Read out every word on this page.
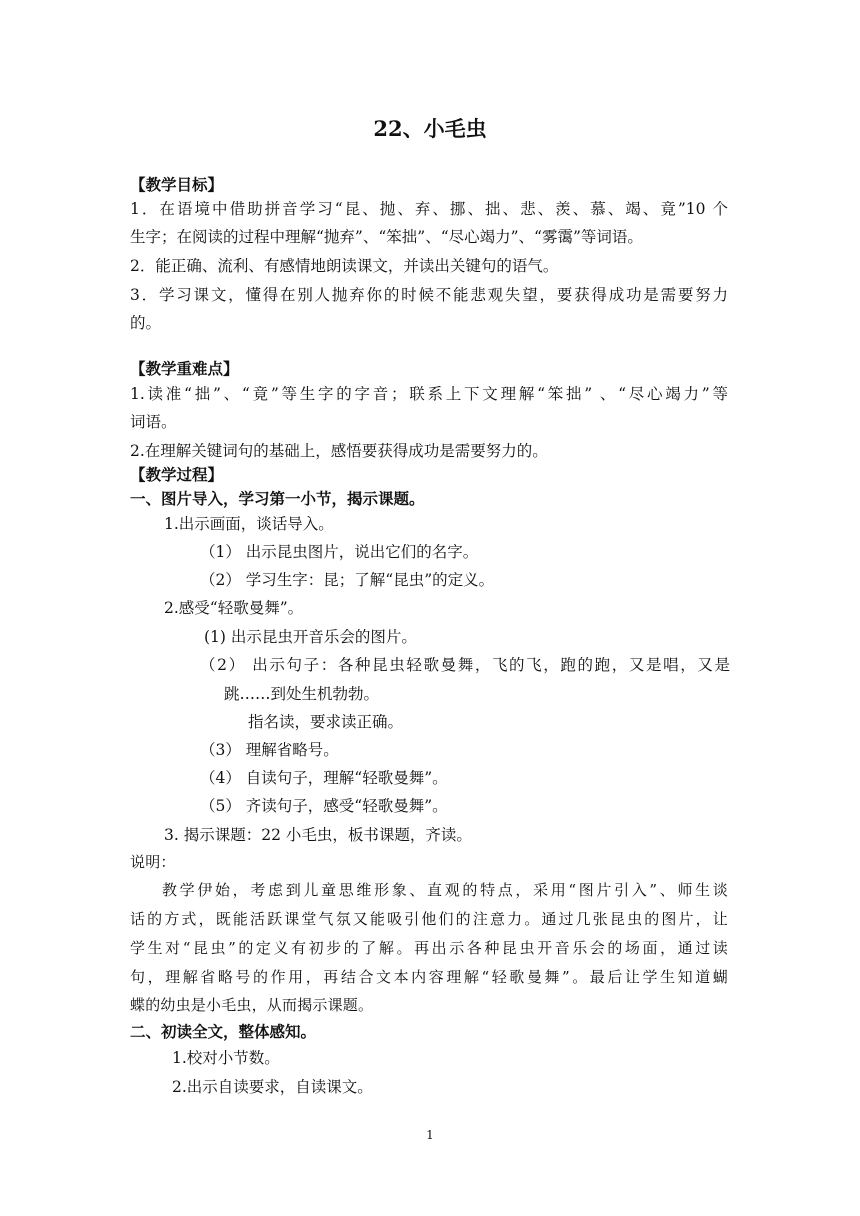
22、小毛虫
【教学目标】
1．在语境中借助拼音学习“昆、抛、弃、挪、拙、悲、羡、慕、竭、竟”10 个
生字；在阅读的过程中理解“抛弃”、“笨拙”、“尽心竭力”、“雾霭”等词语。
2．能正确、流利、有感情地朗读课文，并读出关键句的语气。
3．学习课文，懂得在别人抛弃你的时候不能悲观失望，要获得成功是需要努力
的。
【教学重难点】
1.读准“拙”、“竟”等生字的字音；联系上下文理解“笨拙” 、“尽心竭力”等
词语。
2.在理解关键词句的基础上，感悟要获得成功是需要努力的。
【教学过程】
一、图片导入，学习第一小节，揭示课题。
1.出示画面，谈话导入。
（1） 出示昆虫图片，说出它们的名字。
（2） 学习生字：昆；了解“昆虫”的定义。
2.感受“轻歌曼舞”。
(1) 出示昆虫开音乐会的图片。
（2） 出示句子：各种昆虫轻歌曼舞，飞的飞，跑的跑，又是唱，又是
跳……到处生机勃勃。
指名读，要求读正确。
（3） 理解省略号。
（4） 自读句子，理解“轻歌曼舞”。
（5） 齐读句子，感受“轻歌曼舞”。
3. 揭示课题：22 小毛虫，板书课题，齐读。
说明：
教学伊始，考虑到儿童思维形象、直观的特点，采用“图片引入”、师生谈
话的方式，既能活跃课堂气氛又能吸引他们的注意力。通过几张昆虫的图片，让
学生对“昆虫”的定义有初步的了解。再出示各种昆虫开音乐会的场面，通过读
句，理解省略号的作用，再结合文本内容理解“轻歌曼舞”。最后让学生知道蝴
蝶的幼虫是小毛虫，从而揭示课题。
二、初读全文，整体感知。
1.校对小节数。
2.出示自读要求，自读课文。
1
